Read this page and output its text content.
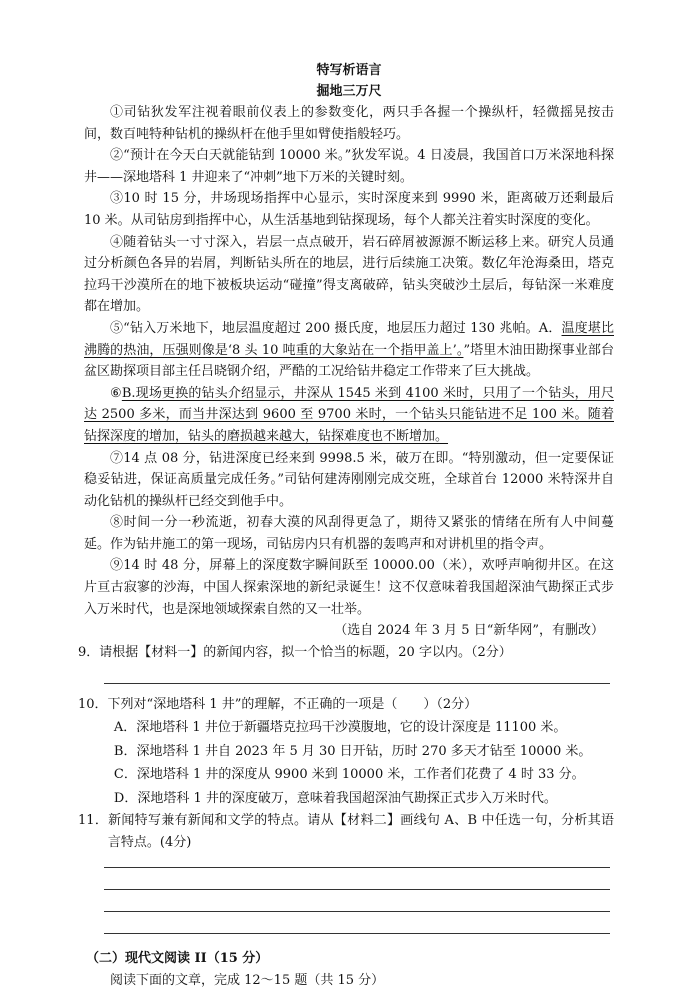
特写析语言

掘地三万尺

①司钻狄发军注视着眼前仪表上的参数变化，两只手各握一个操纵杆，轻微摇晃按击间，数百吨特种钻机的操纵杆在他手里如臂使指般轻巧。

②“预计在今天白天就能钻到 10000 米。”狄发军说。4 日凌晨，我国首口万米深地科探井——深地塔科 1 井迎来了“冲刺”地下万米的关键时刻。

③10 时 15 分，井场现场指挥中心显示，实时深度来到 9990 米，距离破万还剩最后 10 米。从司钻房到指挥中心，从生活基地到钻探现场，每个人都关注着实时深度的变化。

④随着钻头一寸寸深入，岩层一点点破开，岩石碎屑被源源不断运移上来。研究人员通过分析颜色各异的岩屑，判断钻头所在的地层，进行后续施工决策。数亿年沧海桑田，塔克拉玛干沙漠所在的地下被板块运动“碰撞”得支离破碎，钻头突破沙土层后，每钻深一米难度都在增加。

⑤“钻入万米地下，地层温度超过 200 摄氏度，地层压力超过 130 兆帕。A．温度堪比沸腾的热油，压强则像是‘8 头 10 吨重的大象站在一个指甲盖上’。”塔里木油田勘探事业部台盆区勘探项目部主任吕晓钢介绍，严酷的工况给钻井稳定工作带来了巨大挑战。

⑥B.现场更换的钻头介绍显示，井深从 1545 米到 4100 米时，只用了一个钻头，用尺达 2500 多米，而当井深达到 9600 至 9700 米时，一个钻头只能钻进不足 100 米。随着钻探深度的增加，钻头的磨损越来越大，钻探难度也不断增加。

⑦14 点 08 分，钻进深度已经来到 9998.5 米，破万在即。“特别激动，但一定要保证稳妥钻进，保证高质量完成任务。”司钻何建涛刚刚完成交班，全球首台 12000 米特深井自动化钻机的操纵杆已经交到他手中。

⑧时间一分一秒流逝，初春大漠的风刮得更急了，期待又紧张的情绪在所有人中间蔓延。作为钻井施工的第一现场，司钻房内只有机器的轰鸣声和对讲机里的指令声。

⑨14 时 48 分，屏幕上的深度数字瞬间跃至 10000.00（米），欢呼声响彻井区。在这片亘古寂寥的沙海，中国人探索深地的新纪录诞生！这不仅意味着我国超深油气勘探正式步入万米时代，也是深地领域探索自然的又一壮举。

（选自 2024 年 3 月 5 日“新华网”，有删改）

9．请根据【材料一】的新闻内容，拟一个恰当的标题，20 字以内。（2分）

10．下列对“深地塔科 1 井”的理解，不正确的一项是（　　）（2分）

A．深地塔科 1 井位于新疆塔克拉玛干沙漠腹地，它的设计深度是 11100 米。

B．深地塔科 1 井自 2023 年 5 月 30 日开钻，历时 270 多天才钻至 10000 米。

C．深地塔科 1 井的深度从 9900 米到 10000 米，工作者们花费了 4 时 33 分。

D．深地塔科 1 井的深度破万，意味着我国超深油气勘探正式步入万米时代。

11．新闻特写兼有新闻和文学的特点。请从【材料二】画线句 A、B 中任选一句，分析其语言特点。(4分)

（二）现代文阅读 II（15 分）

阅读下面的文章，完成 12～15 题（共 15 分）
